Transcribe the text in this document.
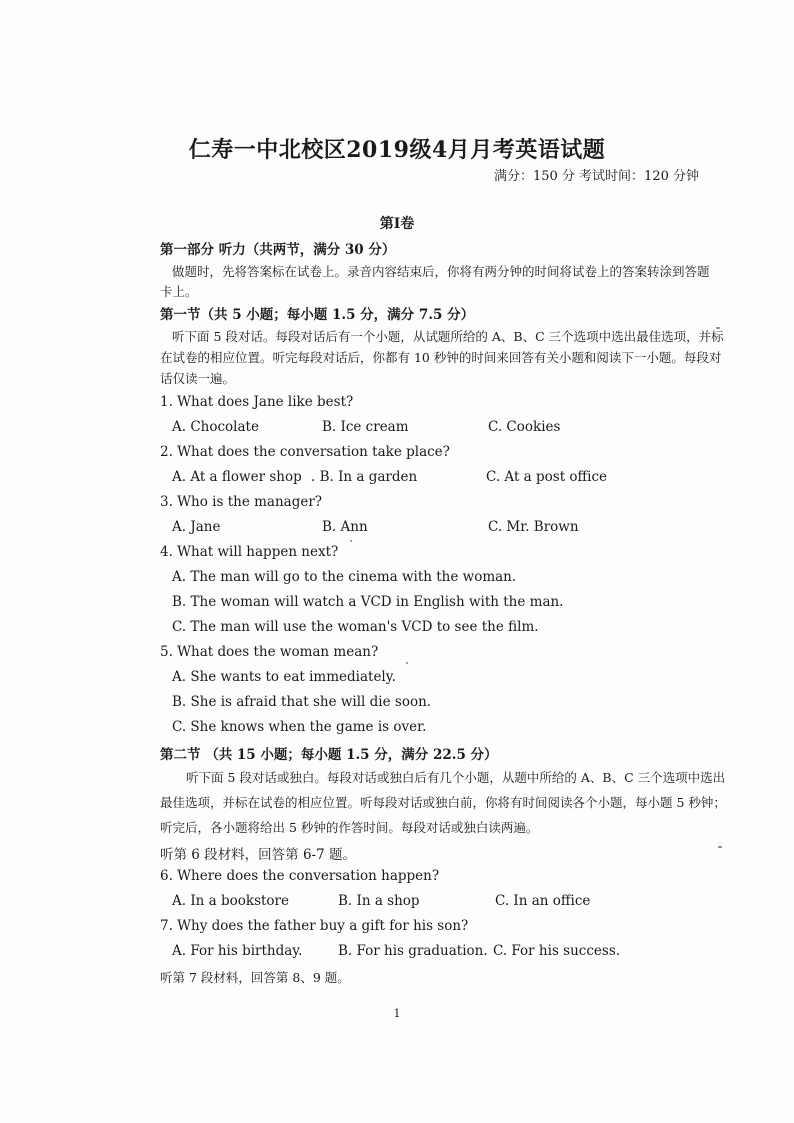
仁寿一中北校区2019级4月月考英语试题
满分：150 分 考试时间：120 分钟
第Ⅰ卷
第一部分 听力（共两节，满分 30 分）
做题时，先将答案标在试卷上。录音内容结束后，你将有两分钟的时间将试卷上的答案转涂到答题
卡上。
第一节（共 5 小题；每小题 1.5 分，满分 7.5 分）
听下面 5 段对话。每段对话后有一个小题，从试题所给的 A、B、C 三个选项中选出最佳选项，并标
在试卷的相应位置。听完每段对话后，你都有 10 秒钟的时间来回答有关小题和阅读下一小题。每段对
话仅读一遍。
1. What does Jane like best?
A. Chocolate	B. Ice cream	C. Cookies
2. What does the conversation take place?
A. At a flower shop . B. In a garden	C. At a post office
3. Who is the manager?
A. Jane	B. Ann	C. Mr. Brown
4. What will happen next?
A. The man will go to the cinema with the woman.
B. The woman will watch a VCD in English with the man.
C. The man will use the woman's VCD to see the film.
5. What does the woman mean?
A. She wants to eat immediately.
B. She is afraid that she will die soon.
C. She knows when the game is over.
第二节 （共 15 小题；每小题 1.5 分，满分 22.5 分）
听下面 5 段对话或独白。每段对话或独白后有几个小题，从题中所给的 A、B、C 三个选项中选出
最佳选项，并标在试卷的相应位置。听每段对话或独白前，你将有时间阅读各个小题，每小题 5 秒钟；
听完后，各小题将给出 5 秒钟的作答时间。每段对话或独白读两遍。
听第 6 段材料，回答第 6-7 题。
6. Where does the conversation happen?
A. In a bookstore	B. In a shop	C. In an office
7. Why does the father buy a gift for his son?
A. For his birthday.	B. For his graduation. C. For his success.
听第 7 段材料，回答第 8、9 题。
1
